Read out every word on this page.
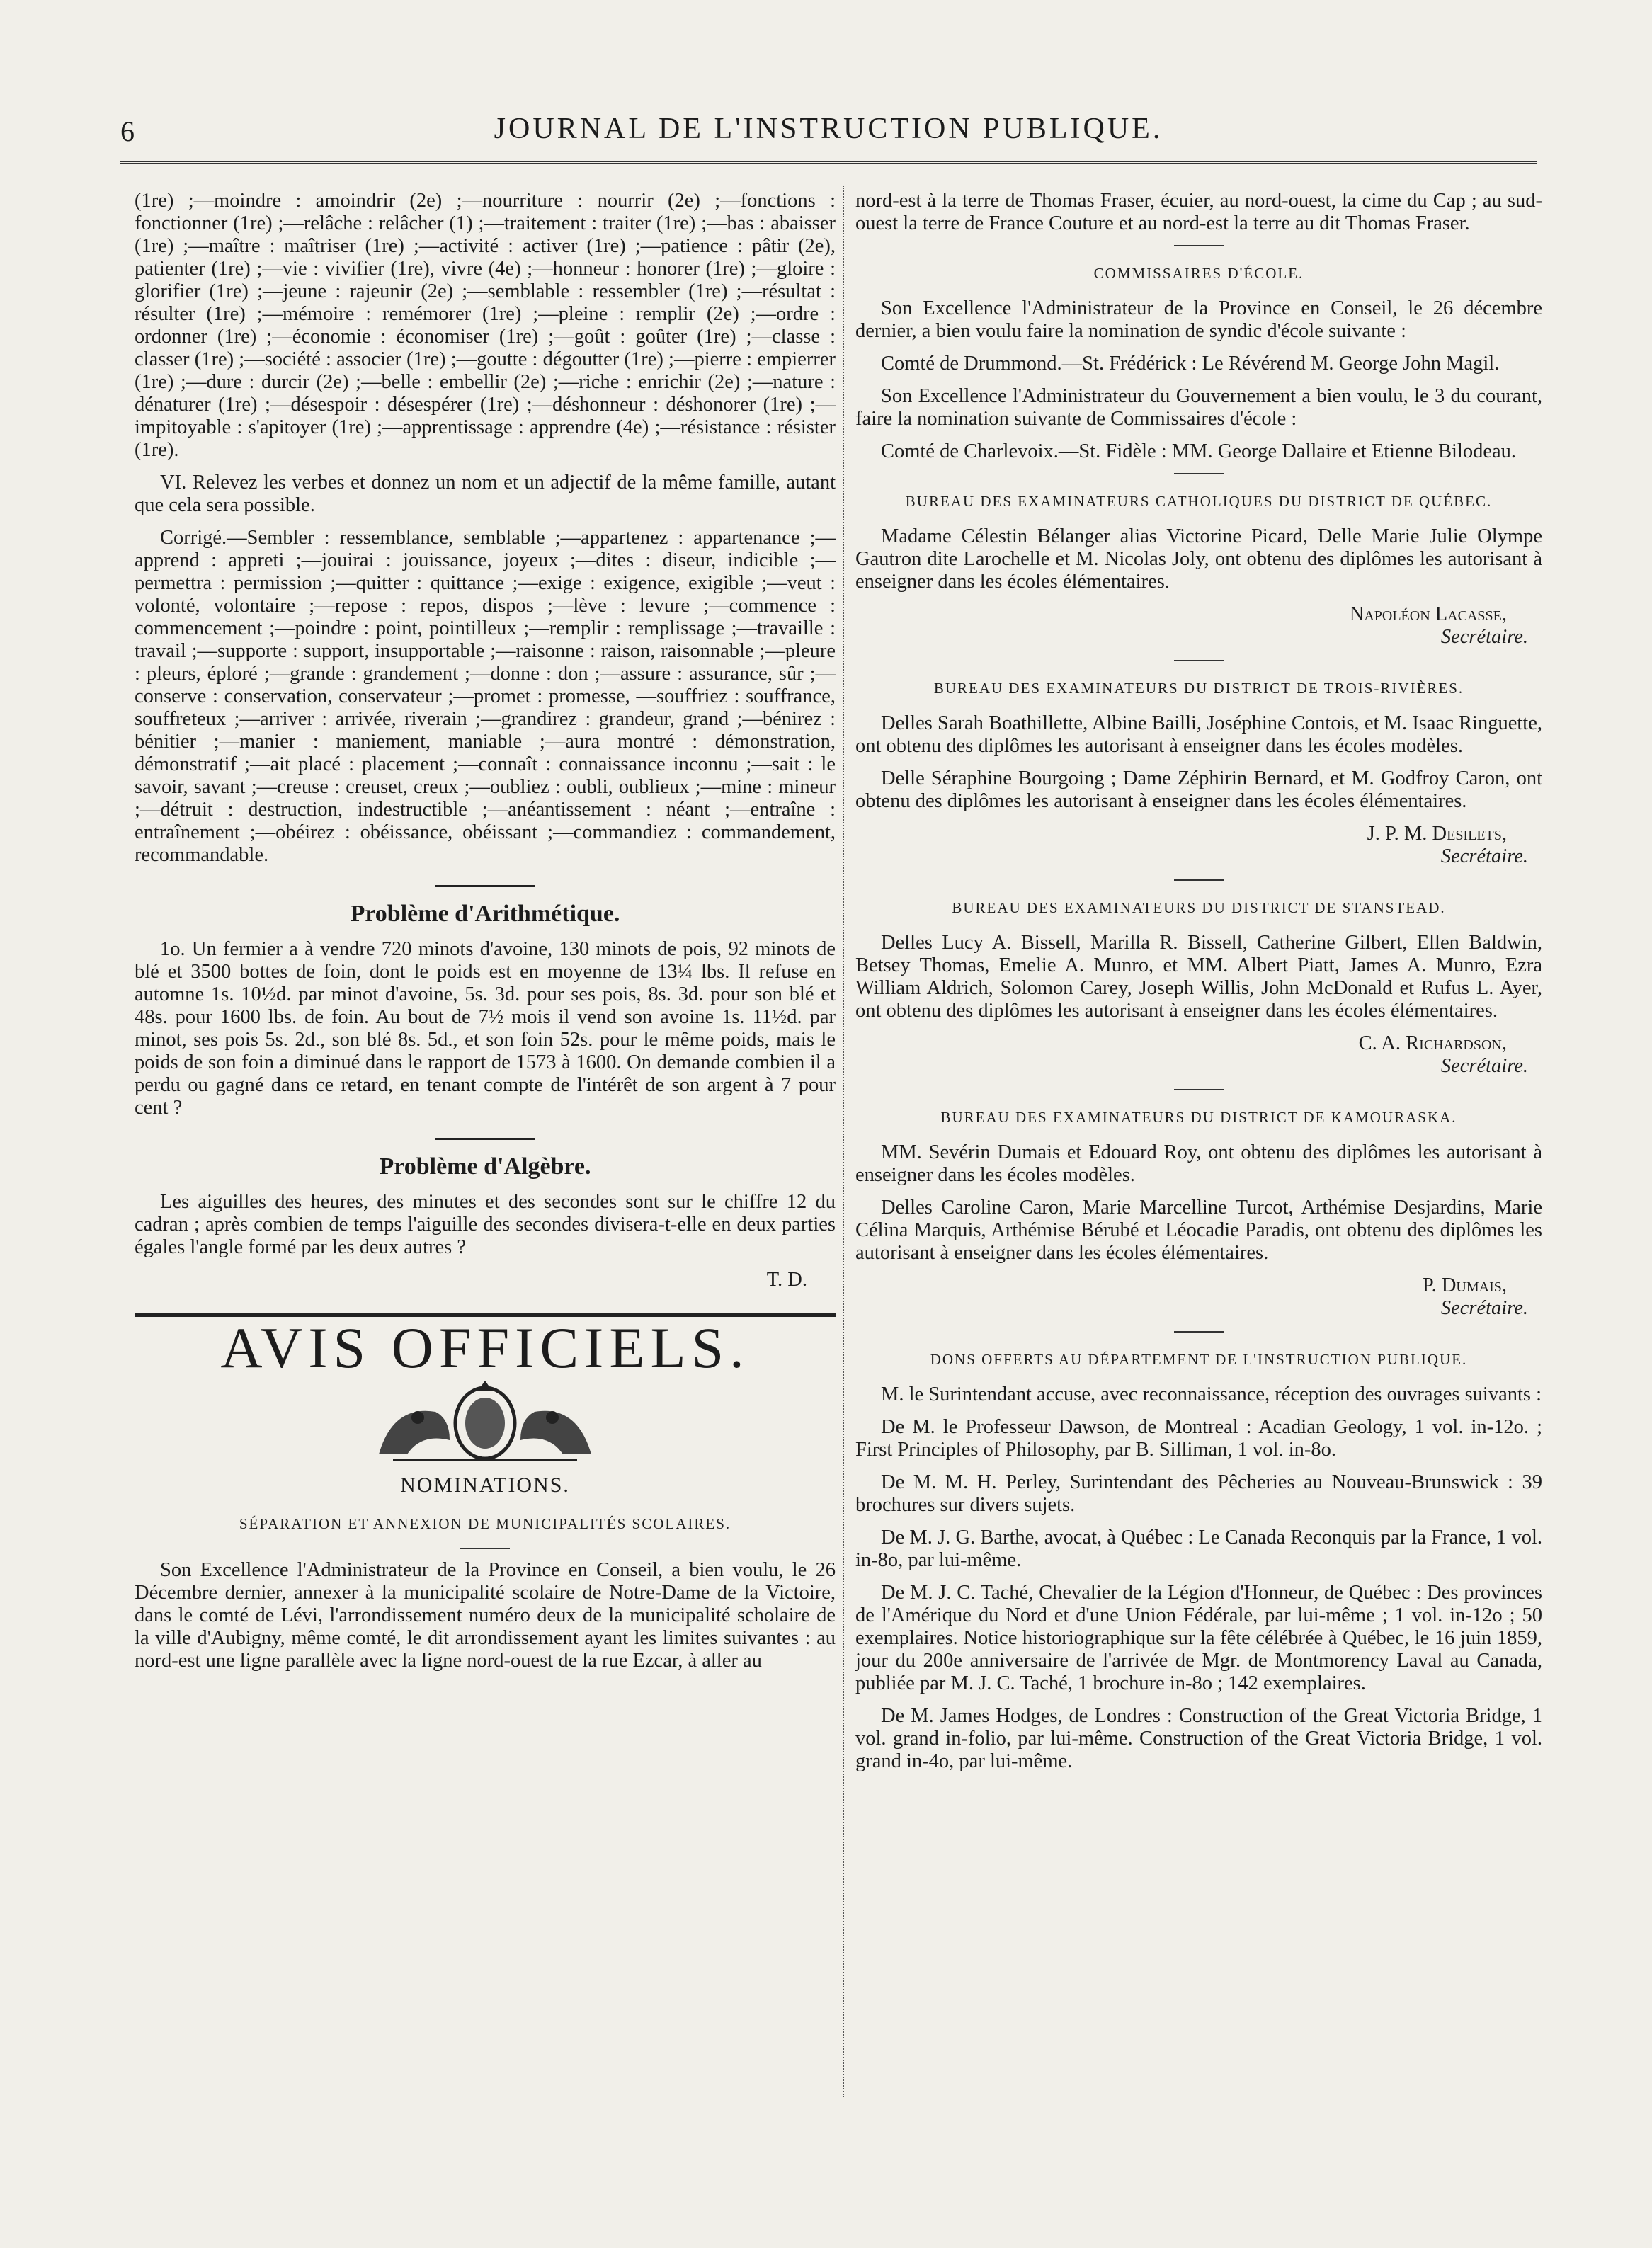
6	JOURNAL DE L'INSTRUCTION PUBLIQUE.

(1re) ;—moindre : amoindrir (2e) ;—nourriture : nourrir (2e) ;—fonctions : fonctionner (1re) ;—relâche : relâcher (1) ;—traitement : traiter (1re) ;—bas : abaisser (1re) ;—maître : maîtriser (1re) ;—activité : activer (1re) ;—patience : pâtir (2e), patienter (1re) ;—vie : vivifier (1re), vivre (4e) ;—honneur : honorer (1re) ;—gloire : glorifier (1re) ;—jeune : rajeunir (2e) ;—semblable : ressembler (1re) ;—résultat : résulter (1re) ;—mémoire : remémorer (1re) ;—pleine : remplir (2e) ;—ordre : ordonner (1re) ;—économie : économiser (1re) ;—goût : goûter (1re) ;—classe : classer (1re) ;—société : associer (1re) ;—goutte : dégoutter (1re) ;—pierre : empierrer (1re) ;—dure : durcir (2e) ;—belle : embellir (2e) ;—riche : enrichir (2e) ;—nature : dénaturer (1re) ;—désespoir : désespérer (1re) ;—déshonneur : déshonorer (1re) ;—impitoyable : s'apitoyer (1re) ;—apprentissage : apprendre (4e) ;—résistance : résister (1re).

VI. Relevez les verbes et donnez un nom et un adjectif de la même famille, autant que cela sera possible.

Corrigé.—Sembler : ressemblance, semblable ;—appartenez : appartenance ;—apprend : appreti ;—jouirai : jouissance, joyeux ;—dites : diseur, indicible ;—permettra : permission ;—quitter : quittance ;—exige : exigence, exigible ;—veut : volonté, volontaire ;—repose : repos, dispos ;—lève : levure ;—commence : commencement ;—poindre : point, pointilleux ;—remplir : remplissage ;—travaille : travail ;—supporte : support, insupportable ;—raisonne : raison, raisonnable ;—pleure : pleurs, éploré ;—grande : grandement ;—donne : don ;—assure : assurance, sûr ;—conserve : conservation, conservateur ;—promet : promesse, —souffriez : souffrance, souffreteux ;—arriver : arrivée, riverain ;—grandirez : grandeur, grand ;—bénirez : bénitier ;—manier : maniement, maniable ;—aura montré : démonstration, démonstratif ;—ait placé : placement ;—connaît : connaissance inconnu ;—sait : le savoir, savant ;—creuse : creuset, creux ;—oubliez : oubli, oublieux ;—mine : mineur ;—détruit : destruction, indestructible ;—anéantissement : néant ;—entraîne : entraînement ;—obéirez : obéissance, obéissant ;—commandiez : commandement, recommandable.

Problème d'Arithmétique.

1o. Un fermier a à vendre 720 minots d'avoine, 130 minots de pois, 92 minots de blé et 3500 bottes de foin, dont le poids est en moyenne de 13¼ lbs. Il refuse en automne 1s. 10½d. par minot d'avoine, 5s. 3d. pour ses pois, 8s. 3d. pour son blé et 48s. pour 1600 lbs. de foin. Au bout de 7½ mois il vend son avoine 1s. 11½d. par minot, ses pois 5s. 2d., son blé 8s. 5d., et son foin 52s. pour le même poids, mais le poids de son foin a diminué dans le rapport de 1573 à 1600. On demande combien il a perdu ou gagné dans ce retard, en tenant compte de l'intérêt de son argent à 7 pour cent ?

Problème d'Algèbre.

Les aiguilles des heures, des minutes et des secondes sont sur le chiffre 12 du cadran ; après combien de temps l'aiguille des secondes divisera-t-elle en deux parties égales l'angle formé par les deux autres ?

T. D.
AVIS OFFICIELS.
NOMINATIONS.
SÉPARATION ET ANNEXION DE MUNICIPALITÉS SCOLAIRES.

Son Excellence l'Administrateur de la Province en Conseil, a bien voulu, le 26 Décembre dernier, annexer à la municipalité scolaire de Notre-Dame de la Victoire, dans le comté de Lévi, l'arrondissement numéro deux de la municipalité scholaire de la ville d'Aubigny, même comté, le dit arrondissement ayant les limites suivantes : au nord-est une ligne parallèle avec la ligne nord-ouest de la rue Ezcar, à aller au

nord-est à la terre de Thomas Fraser, écuier, au nord-ouest, la cime du Cap ; au sud-ouest la terre de France Couture et au nord-est la terre au dit Thomas Fraser.

COMMISSAIRES D'ÉCOLE.

Son Excellence l'Administrateur de la Province en Conseil, le 26 décembre dernier, a bien voulu faire la nomination de syndic d'école suivante :

Comté de Drummond.—St. Frédérick : Le Révérend M. George John Magil.

Son Excellence l'Administrateur du Gouvernement a bien voulu, le 3 du courant, faire la nomination suivante de Commissaires d'école :

Comté de Charlevoix.—St. Fidèle : MM. George Dallaire et Etienne Bilodeau.

BUREAU DES EXAMINATEURS CATHOLIQUES DU DISTRICT DE QUÉBEC.

Madame Célestin Bélanger alias Victorine Picard, Delle Marie Julie Olympe Gautron dite Larochelle et M. Nicolas Joly, ont obtenu des diplômes les autorisant à enseigner dans les écoles élémentaires.

Napoléon Lacasse,
Secrétaire.
BUREAU DES EXAMINATEURS DU DISTRICT DE TROIS-RIVIÈRES.

Delles Sarah Boathillette, Albine Bailli, Joséphine Contois, et M. Isaac Ringuette, ont obtenu des diplômes les autorisant à enseigner dans les écoles modèles.

Delle Séraphine Bourgoing ; Dame Zéphirin Bernard, et M. Godfroy Caron, ont obtenu des diplômes les autorisant à enseigner dans les écoles élémentaires.

J. P. M. Desilets,
Secrétaire.
BUREAU DES EXAMINATEURS DU DISTRICT DE STANSTEAD.

Delles Lucy A. Bissell, Marilla R. Bissell, Catherine Gilbert, Ellen Baldwin, Betsey Thomas, Emelie A. Munro, et MM. Albert Piatt, James A. Munro, Ezra William Aldrich, Solomon Carey, Joseph Willis, John McDonald et Rufus L. Ayer, ont obtenu des diplômes les autorisant à enseigner dans les écoles élémentaires.

C. A. Richardson,
Secrétaire.
BUREAU DES EXAMINATEURS DU DISTRICT DE KAMOURASKA.

MM. Sevérin Dumais et Edouard Roy, ont obtenu des diplômes les autorisant à enseigner dans les écoles modèles.

Delles Caroline Caron, Marie Marcelline Turcot, Arthémise Desjardins, Marie Célina Marquis, Arthémise Bérubé et Léocadie Paradis, ont obtenu des diplômes les autorisant à enseigner dans les écoles élémentaires.

P. Dumais,
Secrétaire.
DONS OFFERTS AU DÉPARTEMENT DE L'INSTRUCTION PUBLIQUE.

M. le Surintendant accuse, avec reconnaissance, réception des ouvrages suivants :

De M. le Professeur Dawson, de Montreal : Acadian Geology, 1 vol. in-12o. ; First Principles of Philosophy, par B. Silliman, 1 vol. in-8o.

De M. M. H. Perley, Surintendant des Pêcheries au Nouveau-Brunswick : 39 brochures sur divers sujets.

De M. J. G. Barthe, avocat, à Québec : Le Canada Reconquis par la France, 1 vol. in-8o, par lui-même.

De M. J. C. Taché, Chevalier de la Légion d'Honneur, de Québec : Des provinces de l'Amérique du Nord et d'une Union Fédérale, par lui-même ; 1 vol. in-12o ; 50 exemplaires. Notice historiographique sur la fête célébrée à Québec, le 16 juin 1859, jour du 200e anniversaire de l'arrivée de Mgr. de Montmorency Laval au Canada, publiée par M. J. C. Taché, 1 brochure in-8o ; 142 exemplaires.

De M. James Hodges, de Londres : Construction of the Great Victoria Bridge, 1 vol. grand in-folio, par lui-même. Construction of the Great Victoria Bridge, 1 vol. grand in-4o, par lui-même.
